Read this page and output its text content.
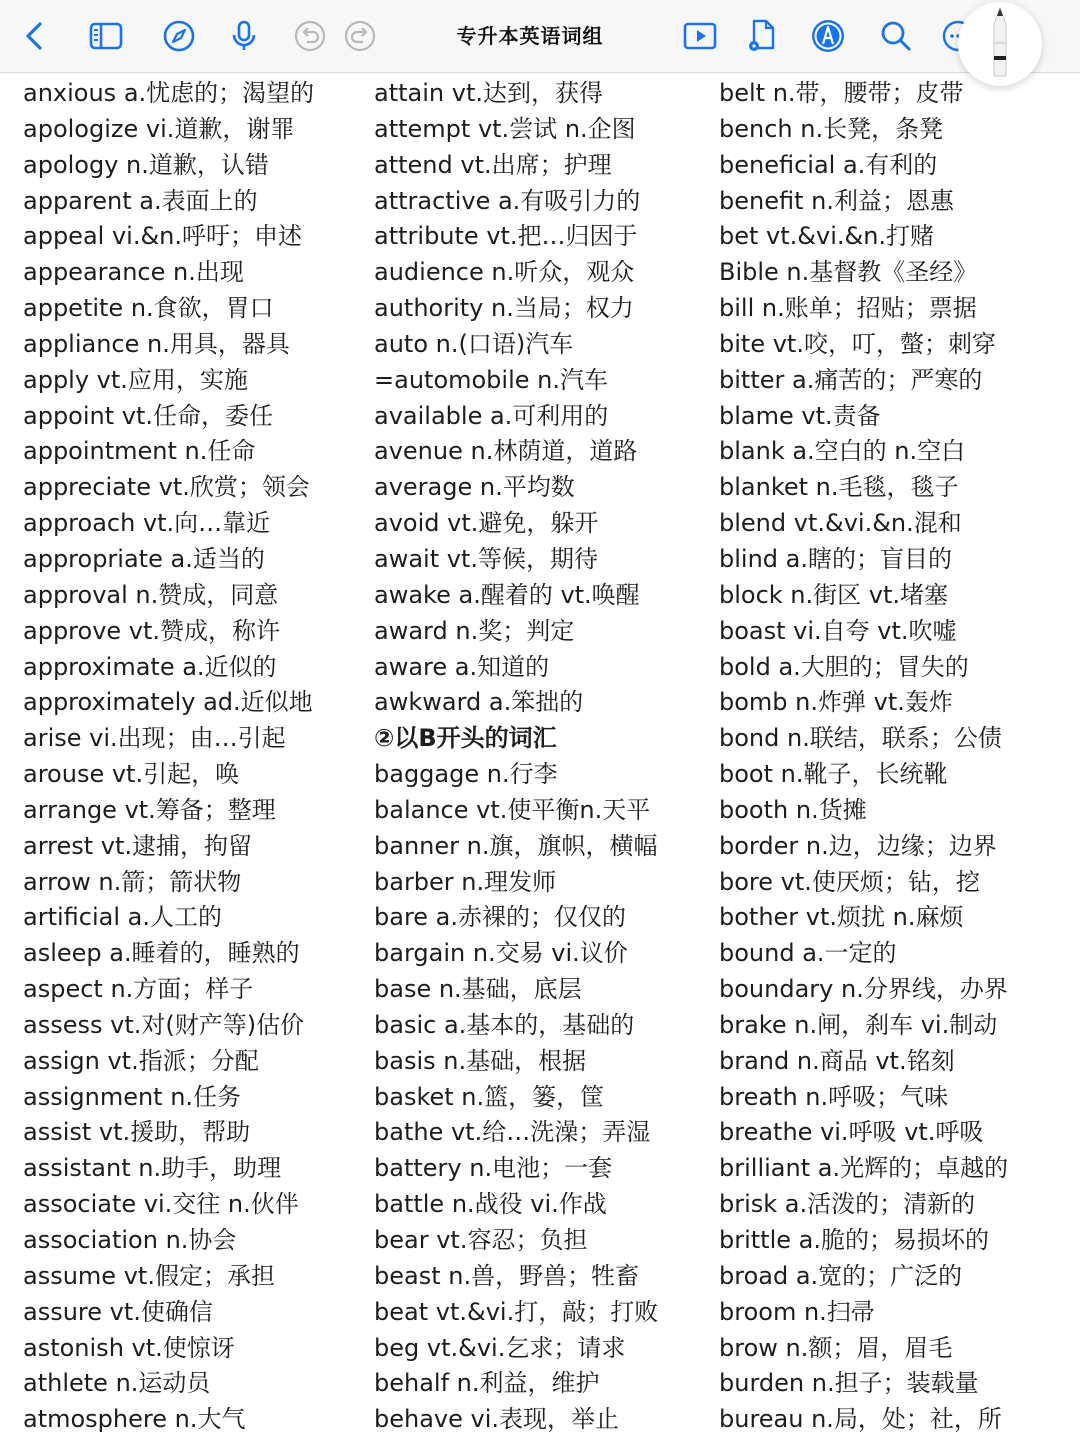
专升本英语词组
anxious a.忧虑的；渴望的
apologize vi.道歉，谢罪
apology n.道歉，认错
apparent a.表面上的
appeal vi.&n.呼吁；申述
appearance n.出现
appetite n.食欲，胃口
appliance n.用具，器具
apply vt.应用，实施
appoint vt.任命，委任
appointment n.任命
appreciate vt.欣赏；领会
approach vt.向…靠近
appropriate a.适当的
approval n.赞成，同意
approve vt.赞成，称许
approximate a.近似的
approximately ad.近似地
arise vi.出现；由…引起
arouse vt.引起，唤
arrange vt.筹备；整理
arrest vt.逮捕，拘留
arrow n.箭；箭状物
artificial a.人工的
asleep a.睡着的，睡熟的
aspect n.方面；样子
assess vt.对(财产等)估价
assign vt.指派；分配
assignment n.任务
assist vt.援助，帮助
assistant n.助手，助理
associate vi.交往 n.伙伴
association n.协会
assume vt.假定；承担
assure vt.使确信
astonish vt.使惊讶
athlete n.运动员
atmosphere n.大气
attain vt.达到，获得
attempt vt.尝试 n.企图
attend vt.出席；护理
attractive a.有吸引力的
attribute vt.把…归因于
audience n.听众，观众
authority n.当局；权力
auto n.(口语)汽车
=automobile n.汽车
available a.可利用的
avenue n.林荫道，道路
average n.平均数
avoid vt.避免，躲开
await vt.等候，期待
awake a.醒着的 vt.唤醒
award n.奖；判定
aware a.知道的
awkward a.笨拙的
②以B开头的词汇
baggage n.行李
balance vt.使平衡n.天平
banner n.旗，旗帜，横幅
barber n.理发师
bare a.赤裸的；仅仅的
bargain n.交易 vi.议价
base n.基础，底层
basic a.基本的，基础的
basis n.基础，根据
basket n.篮，篓，筐
bathe vt.给…洗澡；弄湿
battery n.电池；一套
battle n.战役 vi.作战
bear vt.容忍；负担
beast n.兽，野兽；牲畜
beat vt.&vi.打，敲；打败
beg vt.&vi.乞求；请求
behalf n.利益，维护
behave vi.表现，举止
belt n.带，腰带；皮带
bench n.长凳，条凳
beneficial a.有利的
benefit n.利益；恩惠
bet vt.&vi.&n.打赌
Bible n.基督教《圣经》
bill n.账单；招贴；票据
bite vt.咬，叮，螫；刺穿
bitter a.痛苦的；严寒的
blame vt.责备
blank a.空白的 n.空白
blanket n.毛毯，毯子
blend vt.&vi.&n.混和
blind a.瞎的；盲目的
block n.街区 vt.堵塞
boast vi.自夸 vt.吹嘘
bold a.大胆的；冒失的
bomb n.炸弹 vt.轰炸
bond n.联结，联系；公债
boot n.靴子，长统靴
booth n.货摊
border n.边，边缘；边界
bore vt.使厌烦；钻，挖
bother vt.烦扰 n.麻烦
bound a.一定的
boundary n.分界线，办界
brake n.闸，刹车 vi.制动
brand n.商品 vt.铭刻
breath n.呼吸；气味
breathe vi.呼吸 vt.呼吸
brilliant a.光辉的；卓越的
brisk a.活泼的；清新的
brittle a.脆的；易损坏的
broad a.宽的；广泛的
broom n.扫帚
brow n.额；眉，眉毛
burden n.担子；装载量
bureau n.局，处；社，所
